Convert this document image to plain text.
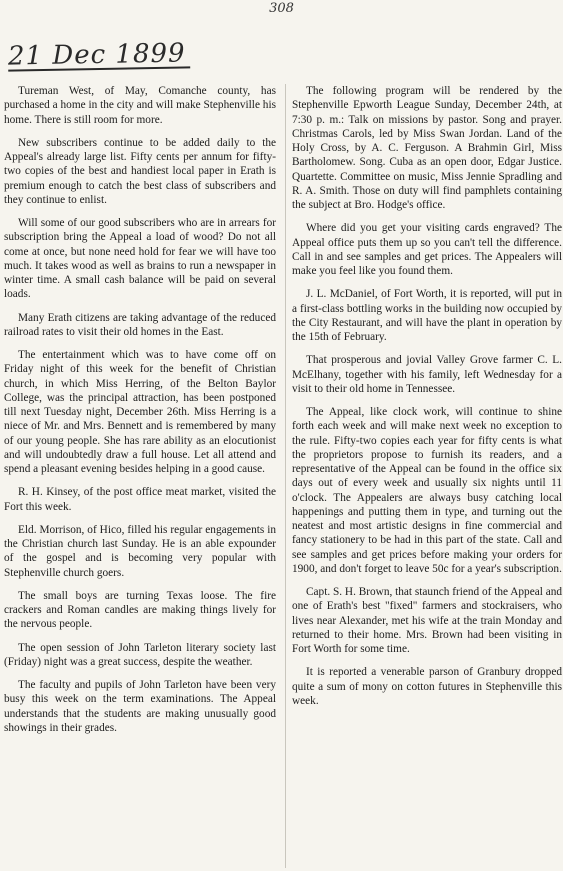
308
21 Dec 1899

Tureman West, of May, Comanche county, has purchased a home in the city and will make Stephenville his home. There is still room for more.

New subscribers continue to be added daily to the Appeal's already large list. Fifty cents per annum for fifty-two copies of the best and handiest local paper in Erath is premium enough to catch the best class of subscribers and they continue to enlist.

Will some of our good subscribers who are in arrears for subscription bring the Appeal a load of wood? Do not all come at once, but none need hold for fear we will have too much. It takes wood as well as brains to run a newspaper in winter time. A small cash balance will be paid on several loads.

Many Erath citizens are taking advantage of the reduced railroad rates to visit their old homes in the East.

The entertainment which was to have come off on Friday night of this week for the benefit of Christian church, in which Miss Herring, of the Belton Baylor College, was the principal attraction, has been postponed till next Tuesday night, December 26th. Miss Herring is a niece of Mr. and Mrs. Bennett and is remembered by many of our young people. She has rare ability as an elocutionist and will undoubtedly draw a full house. Let all attend and spend a pleasant evening besides helping in a good cause.

R. H. Kinsey, of the post office meat market, visited the Fort this week.

Eld. Morrison, of Hico, filled his regular engagements in the Christian church last Sunday. He is an able expounder of the gospel and is becoming very popular with Stephenville church goers.

The small boys are turning Texas loose. The fire crackers and Roman candles are making things lively for the nervous people.

The open session of John Tarleton literary society last (Friday) night was a great success, despite the weather.

The faculty and pupils of John Tarleton have been very busy this week on the term examinations. The Appeal understands that the students are making unusually good showings in their grades.

The following program will be rendered by the Stephenville Epworth League Sunday, December 24th, at 7:30 p. m.: Talk on missions by pastor. Song and prayer. Christmas Carols, led by Miss Swan Jordan. Land of the Holy Cross, by A. C. Ferguson. A Brahmin Girl, Miss Bartholomew. Song. Cuba as an open door, Edgar Justice. Quartette. Committee on music, Miss Jennie Spradling and R. A. Smith. Those on duty will find pamphlets containing the subject at Bro. Hodge's office.

Where did you get your visiting cards engraved? The Appeal office puts them up so you can't tell the difference. Call in and see samples and get prices. The Appealers will make you feel like you found them.

J. L. McDaniel, of Fort Worth, it is reported, will put in a first-class bottling works in the building now occupied by the City Restaurant, and will have the plant in operation by the 15th of February.

That prosperous and jovial Valley Grove farmer C. L. McElhany, together with his family, left Wednesday for a visit to their old home in Tennessee.

The Appeal, like clock work, will continue to shine forth each week and will make next week no exception to the rule. Fifty-two copies each year for fifty cents is what the proprietors propose to furnish its readers, and a representative of the Appeal can be found in the office six days out of every week and usually six nights until 11 o'clock. The Appealers are always busy catching local happenings and putting them in type, and turning out the neatest and most artistic designs in fine commercial and fancy stationery to be had in this part of the state. Call and see samples and get prices before making your orders for 1900, and don't forget to leave 50c for a year's subscription.

Capt. S. H. Brown, that staunch friend of the Appeal and one of Erath's best "fixed" farmers and stockraisers, who lives near Alexander, met his wife at the train Monday and returned to their home. Mrs. Brown had been visiting in Fort Worth for some time.

It is reported a venerable parson of Granbury dropped quite a sum of mony on cotton futures in Stephenville this week.
